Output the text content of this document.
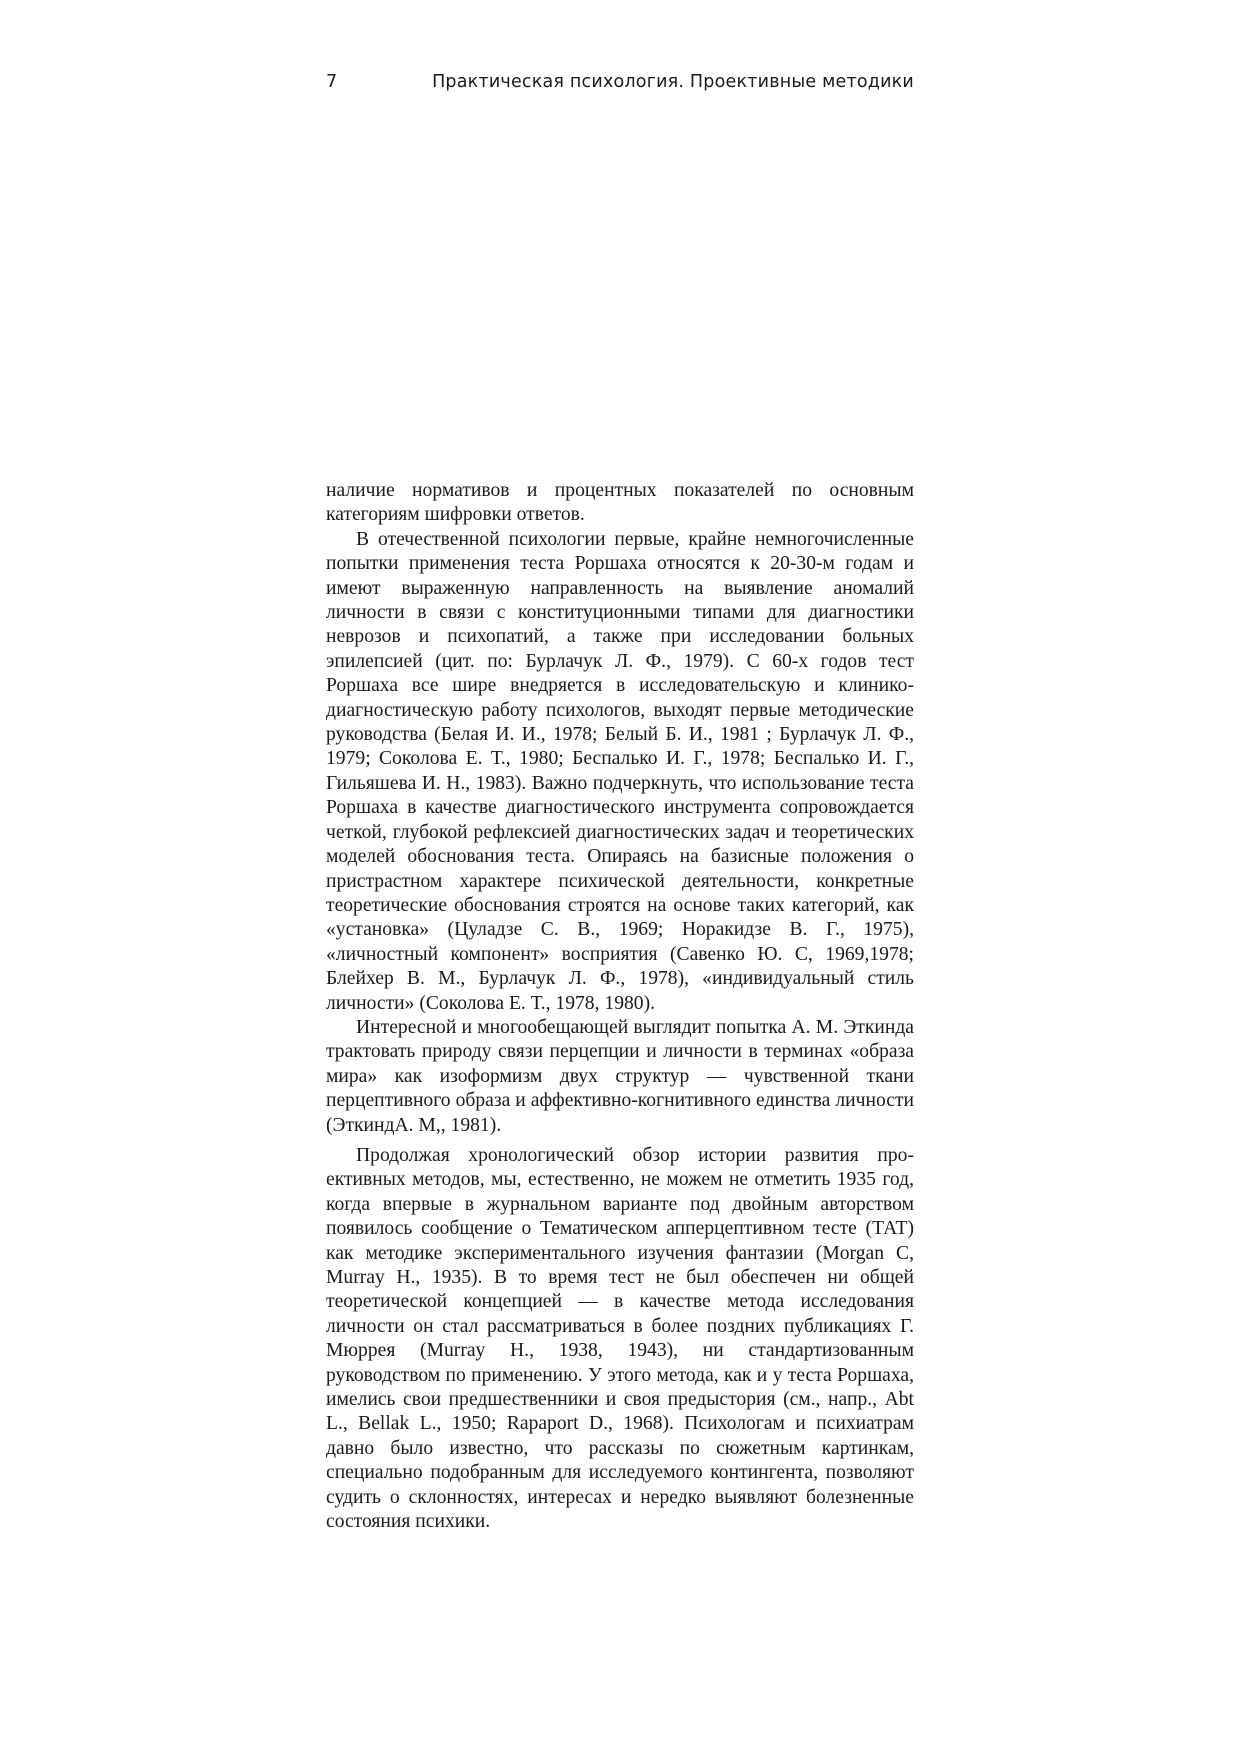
7	Практическая психология. Проективные методики

наличие нормативов и процентных показателей по основным категориям шифровки ответов.

В отечественной психологии первые, крайне немногочисленные попытки применения теста Роршаха относятся к 20-30-м годам и имеют выраженную направленность на выявление аномалий личности в связи с конституционными типами для диагностики неврозов и психопатий, а также при исследовании больных эпилепсией (цит. по: Бурлачук Л. Ф., 1979). С 60-х годов тест Роршаха все шире внедряется в исследовательскую и клинико-диагностическую работу психологов, выходят первые методические руководства (Белая И. И., 1978; Белый Б. И., 1981 ; Бурлачук Л. Ф., 1979; Соколова Е. Т., 1980; Беспалько И. Г., 1978; Беспалько И. Г., Гильяшева И. Н., 1983). Важно подчеркнуть, что использование теста Роршаха в качестве диагностического инструмента сопровождается четкой, глубокой рефлексией диагностических задач и теоретических моделей обоснования теста. Опираясь на базисные положения о пристрастном характере психической деятельности, конкретные теоретические обоснования строятся на основе таких категорий, как «установка» (Цуладзе С. В., 1969; Норакидзе В. Г., 1975), «личностный компонент» восприятия (Савенко Ю. С, 1969,1978; Блейхер В. М., Бурлачук Л. Ф., 1978), «индивидуальный стиль личности» (Соколова Е. Т., 1978, 1980).

Интересной и многообещающей выглядит попытка А. М. Эткинда трактовать природу связи перцепции и личности в терминах «образа мира» как изоформизм двух структур — чувственной ткани перцептивного образа и аффективно-когнитивного единства личности (ЭткиндА. М,, 1981).

Продолжая хронологический обзор истории развития проективных методов, мы, естественно, не можем не отметить 1935 год, когда впервые в журнальном варианте под двойным авторством появилось сообщение о Тематическом апперцептивном тесте (ТАТ) как методике экспериментального изучения фантазии (Morgan С, Murray Н., 1935). В то время тест не был обеспечен ни общей теоретической концепцией — в качестве метода исследования личности он стал рассматриваться в более поздних публикациях Г. Мюррея (Murray Н., 1938, 1943), ни стандартизованным руководством по применению. У этого метода, как и у теста Роршаха, имелись свои предшественники и своя предыстория (см., напр., Abt L., Bellak L., 1950; Rapaport D., 1968). Психологам и психиатрам давно было известно, что рассказы по сюжетным картинкам, специально подобранным для исследуемого контингента, позволяют судить о склонностях, интересах и нередко выявляют болезненные состояния психики.
